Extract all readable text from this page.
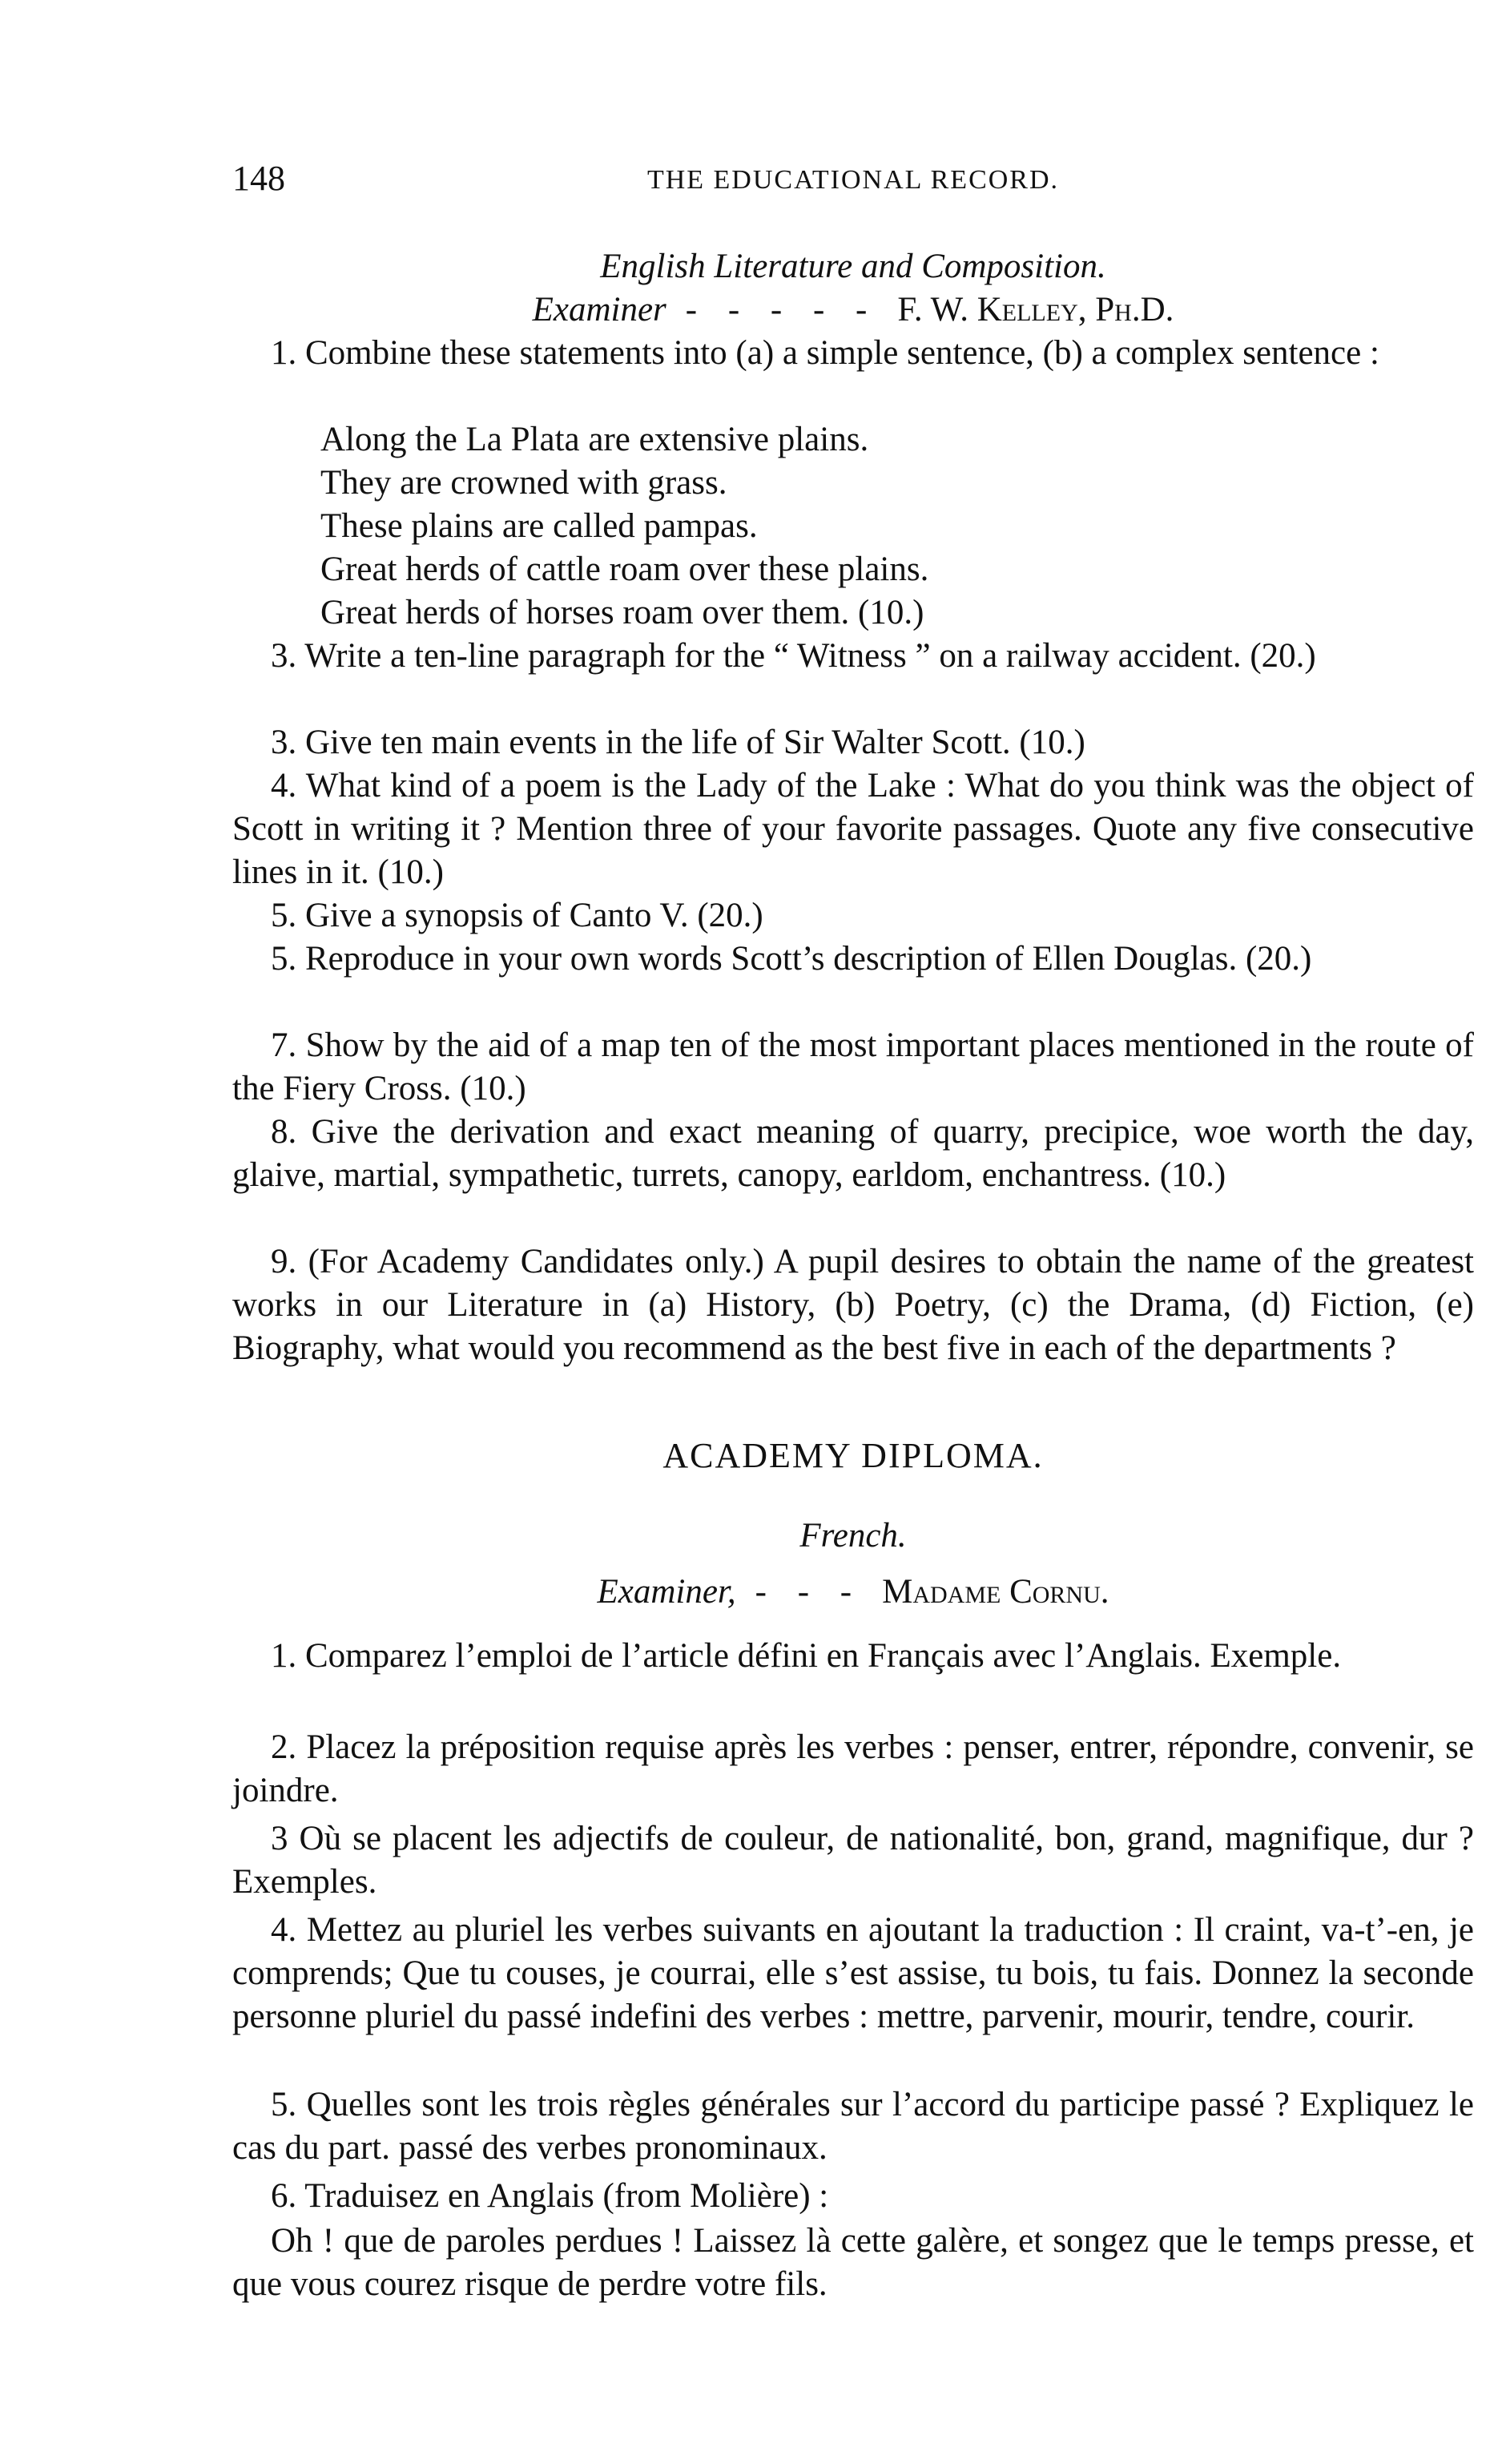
148	THE EDUCATIONAL RECORD.
English Literature and Composition.
Examiner - - - - - F. W. Kelley, Ph.D.

1. Combine these statements into (a) a simple sentence, (b) a complex sentence :

Along the La Plata are extensive plains.

They are crowned with grass.

These plains are called pampas.

Great herds of cattle roam over these plains.

Great herds of horses roam over them. (10.)

3. Write a ten-line paragraph for the “ Witness ” on a railway accident. (20.)

3. Give ten main events in the life of Sir Walter Scott. (10.)

4. What kind of a poem is the Lady of the Lake : What do you think was the object of Scott in writing it ? Mention three of your favorite passages. Quote any five consecutive lines in it. (10.)

5. Give a synopsis of Canto V. (20.)

5. Reproduce in your own words Scott’s description of Ellen Douglas. (20.)

7. Show by the aid of a map ten of the most important places mentioned in the route of the Fiery Cross. (10.)

8. Give the derivation and exact meaning of quarry, precipice, woe worth the day, glaive, martial, sympathetic, turrets, canopy, earldom, enchantress. (10.)

9. (For Academy Candidates only.) A pupil desires to obtain the name of the greatest works in our Literature in (a) History, (b) Poetry, (c) the Drama, (d) Fiction, (e) Biography, what would you recommend as the best five in each of the departments ?

ACADEMY DIPLOMA.
French.
Examiner, - - - Madame Cornu.

1. Comparez l’emploi de l’article défini en Français avec l’Anglais. Exemple.

2. Placez la préposition requise après les verbes : penser, entrer, répondre, convenir, se joindre.

3 Où se placent les adjectifs de couleur, de nationalité, bon, grand, magnifique, dur ? Exemples.

4. Mettez au pluriel les verbes suivants en ajoutant la traduction : Il craint, va-t’-en, je comprends; Que tu couses, je courrai, elle s’est assise, tu bois, tu fais. Donnez la seconde personne pluriel du passé indefini des verbes : mettre, parvenir, mourir, tendre, courir.

5. Quelles sont les trois règles générales sur l’accord du participe passé ? Expliquez le cas du part. passé des verbes pronominaux.

6. Traduisez en Anglais (from Molière) :

Oh ! que de paroles perdues ! Laissez là cette galère, et songez que le temps presse, et que vous courez risque de perdre votre fils.
